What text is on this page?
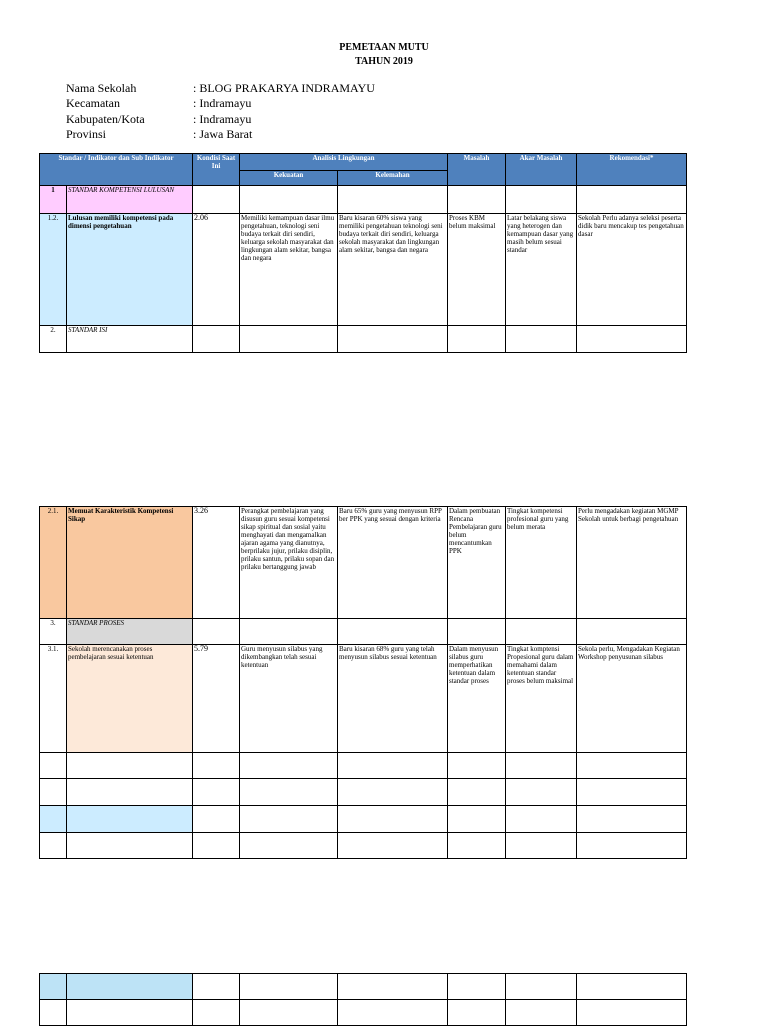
PEMETAAN MUTU
TAHUN 2019
Nama Sekolah	: BLOG PRAKARYA INDRAMAYU
Kecamatan	: Indramayu
Kabupaten/Kota	: Indramayu
Provinsi	: Jawa Barat
Standar / Indikator dan Sub Indikator		Kondisi Saat Ini	Analisis Lingkungan		Masalah	Akar Masalah	Rekomendasi*
			Kekuatan	Kelemahan			
1	STANDAR KOMPETENSI LULUSAN						
1.2.	Lulusan memiliki kompetensi pada dimensi pengetahuan	2.06	Memiliki kemampuan dasar ilmu pengetahuan, teknologi seni budaya terkait diri sendiri, keluarga sekolah masyarakat dan lingkungan alam sekitar, bangsa dan negara	Baru kisaran 60% siswa yang memiliki pengetahuan teknologi seni budaya terkait diri sendiri, keluarga sekolah masyarakat dan lingkungan alam sekitar, bangsa dan negara	Proses KBM belum maksimal	Latar belakang siswa yang heterogen dan kemampuan dasar yang masih belum sesuai standar	Sekolah Perlu adanya seleksi peserta didik baru mencakup tes pengetahuan dasar
2.	STANDAR ISI						
2.1.	Memuat Karakteristik Kompetensi Sikap	3.26	Perangkat pembelajaran yang disusun guru sesuai kompetensi sikap spiritual dan sosial yaitu menghayati dan mengamalkan ajaran agama yang dianutnya, berprilaku jujur, prilaku disiplin, prilaku santun, prilaku sopan dan prilaku bertanggung jawab	Baru 65% guru yang menyusun RPP ber PPK yang sesuai dengan kriteria	Dalam pembuatan Rencana Pembelajaran guru belum mencantumkan PPK	Tingkat kompetensi profesional guru yang belum merata	Perlu mengadakan kegiatan MGMP Sekolah untuk berbagi pengetahuan
3.	STANDAR PROSES						
3.1.	Sekolah merencanakan proses pembelajaran sesuai ketentuan	5.79	Guru menyusun silabus yang dikembangkan telah sesuai ketentuan	Baru kisaran 68% guru yang telah menyusun silabus sesuai ketentuan	Dalam menyusun silabus guru memperhatikan ketentuan dalam standar proses	Tingkat komptensi Propesional guru dalam memahami dalam ketentuan standar proses belum maksimal	Sekola perlu, Mengadakan Kegiatan Workshop penyusunan silabus
